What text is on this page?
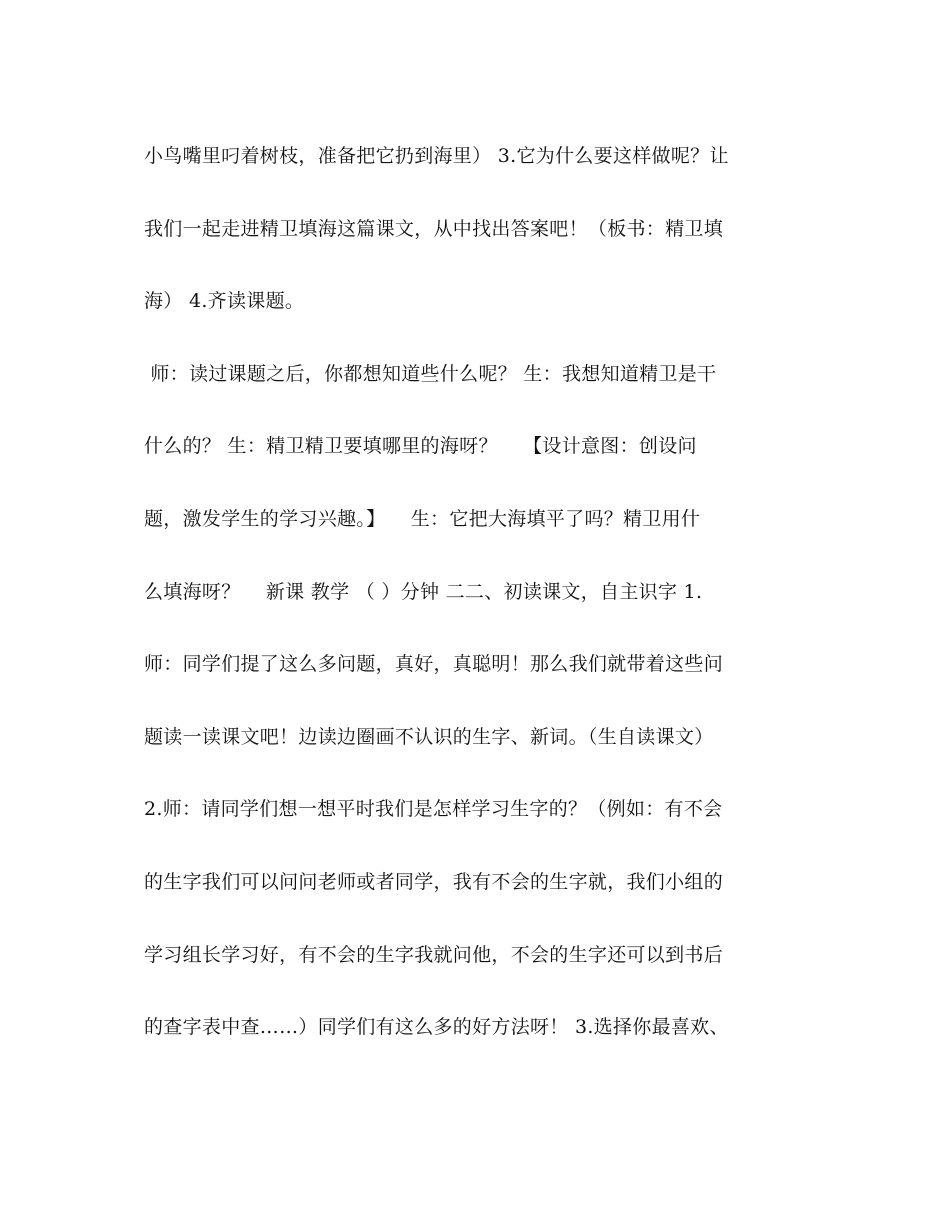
小鸟嘴里叼着树枝，准备把它扔到海里） 3.它为什么要这样做呢？让
我们一起走进精卫填海这篇课文，从中找出答案吧！（板书：精卫填
海） 4.齐读课题。
师：读过课题之后，你都想知道些什么呢？ 生：我想知道精卫是干
什么的？ 生：精卫精卫要填哪里的海呀？    【设计意图：创设问
题，激发学生的学习兴趣。】    生：它把大海填平了吗？精卫用什
么填海呀？    新课 教学 （ ）分钟 二二、初读课文，自主识字 1.
师：同学们提了这么多问题，真好，真聪明！那么我们就带着这些问
题读一读课文吧！边读边圈画不认识的生字、新词。（生自读课文）
2.师：请同学们想一想平时我们是怎样学习生字的？（例如：有不会
的生字我们可以问问老师或者同学，我有不会的生字就，我们小组的
学习组长学习好，有不会的生字我就问他，不会的生字还可以到书后
的查字表中查……）同学们有这么多的好方法呀！ 3.选择你最喜欢、
